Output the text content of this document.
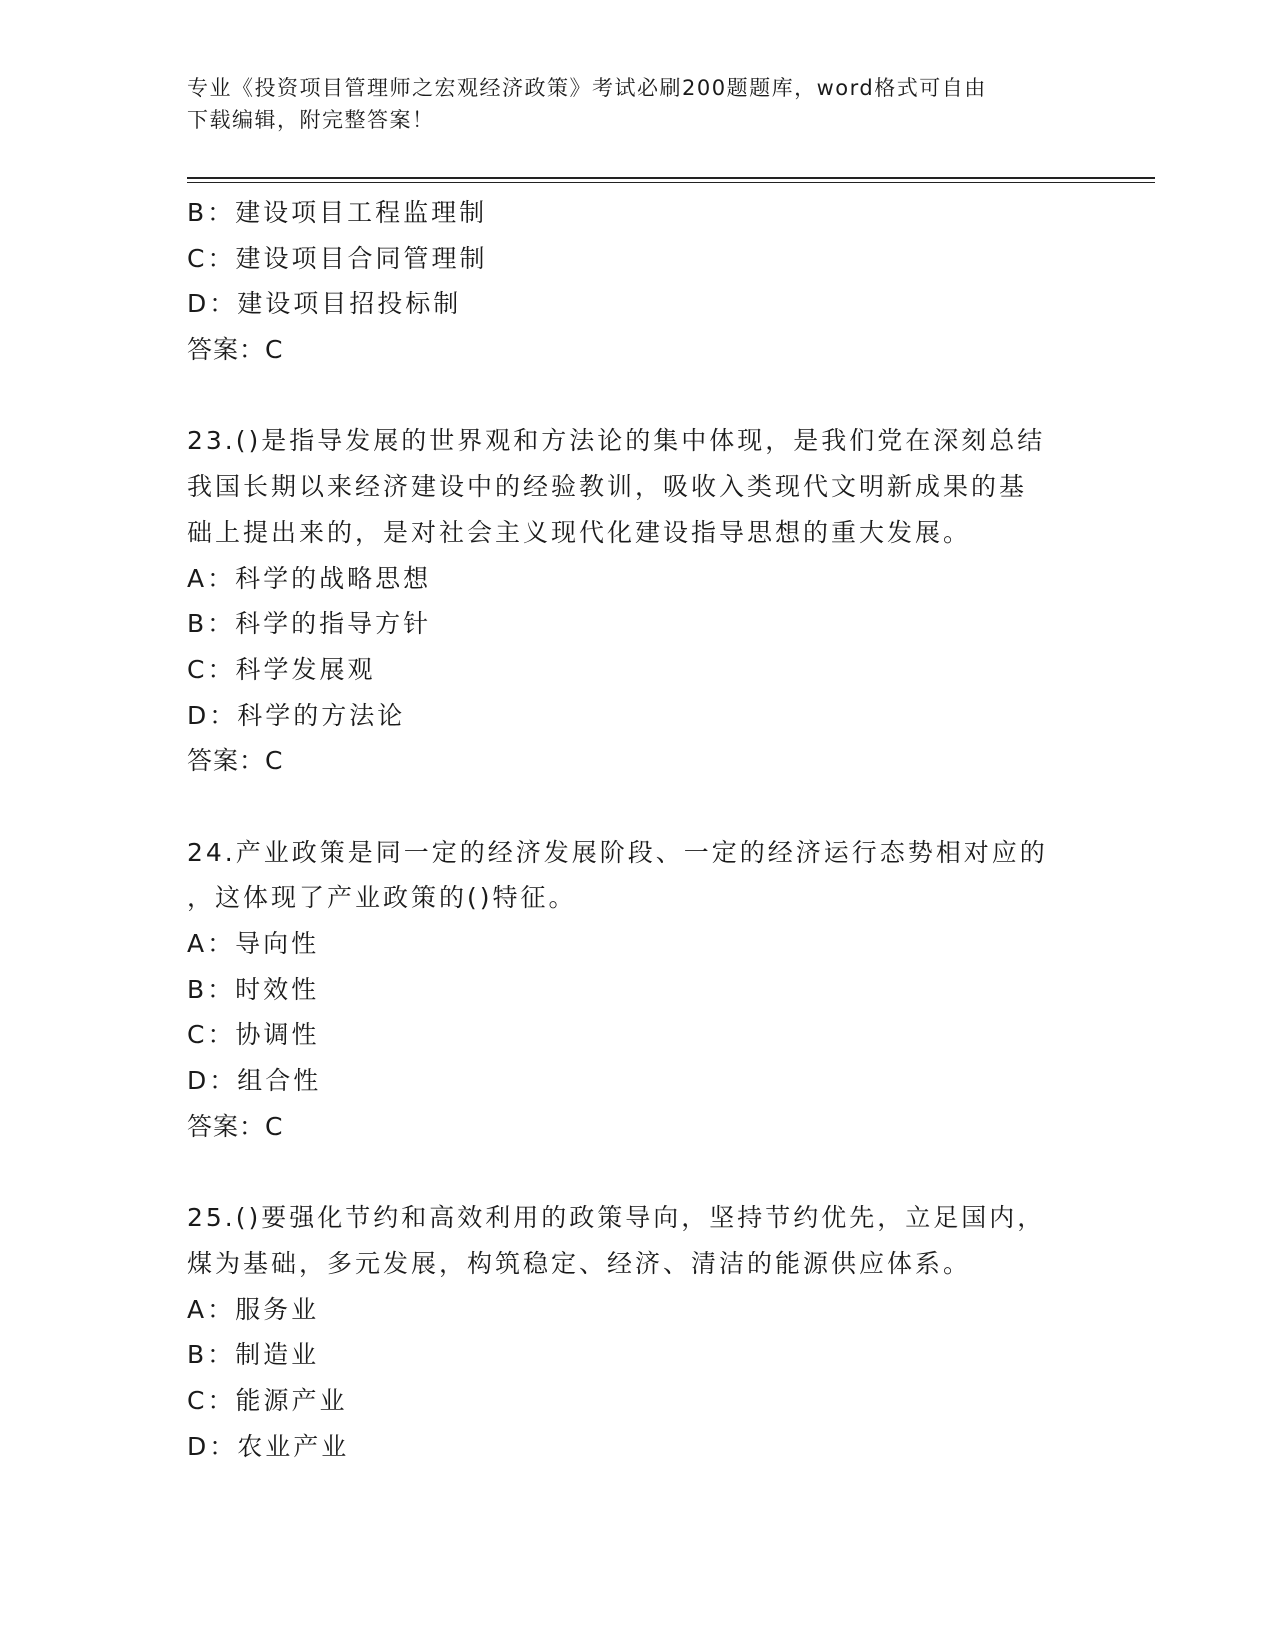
专业《投资项目管理师之宏观经济政策》考试必刷200题题库，word格式可自由
下载编辑，附完整答案！
B：建设项目工程监理制
C：建设项目合同管理制
D：建设项目招投标制
答案：C
23.()是指导发展的世界观和方法论的集中体现，是我们党在深刻总结
我国长期以来经济建设中的经验教训，吸收入类现代文明新成果的基
础上提出来的，是对社会主义现代化建设指导思想的重大发展。
A：科学的战略思想
B：科学的指导方针
C：科学发展观
D：科学的方法论
答案：C
24.产业政策是同一定的经济发展阶段、一定的经济运行态势相对应的
，这体现了产业政策的()特征。
A：导向性
B：时效性
C：协调性
D：组合性
答案：C
25.()要强化节约和高效利用的政策导向，坚持节约优先，立足国内，
煤为基础，多元发展，构筑稳定、经济、清洁的能源供应体系。
A：服务业
B：制造业
C：能源产业
D：农业产业
